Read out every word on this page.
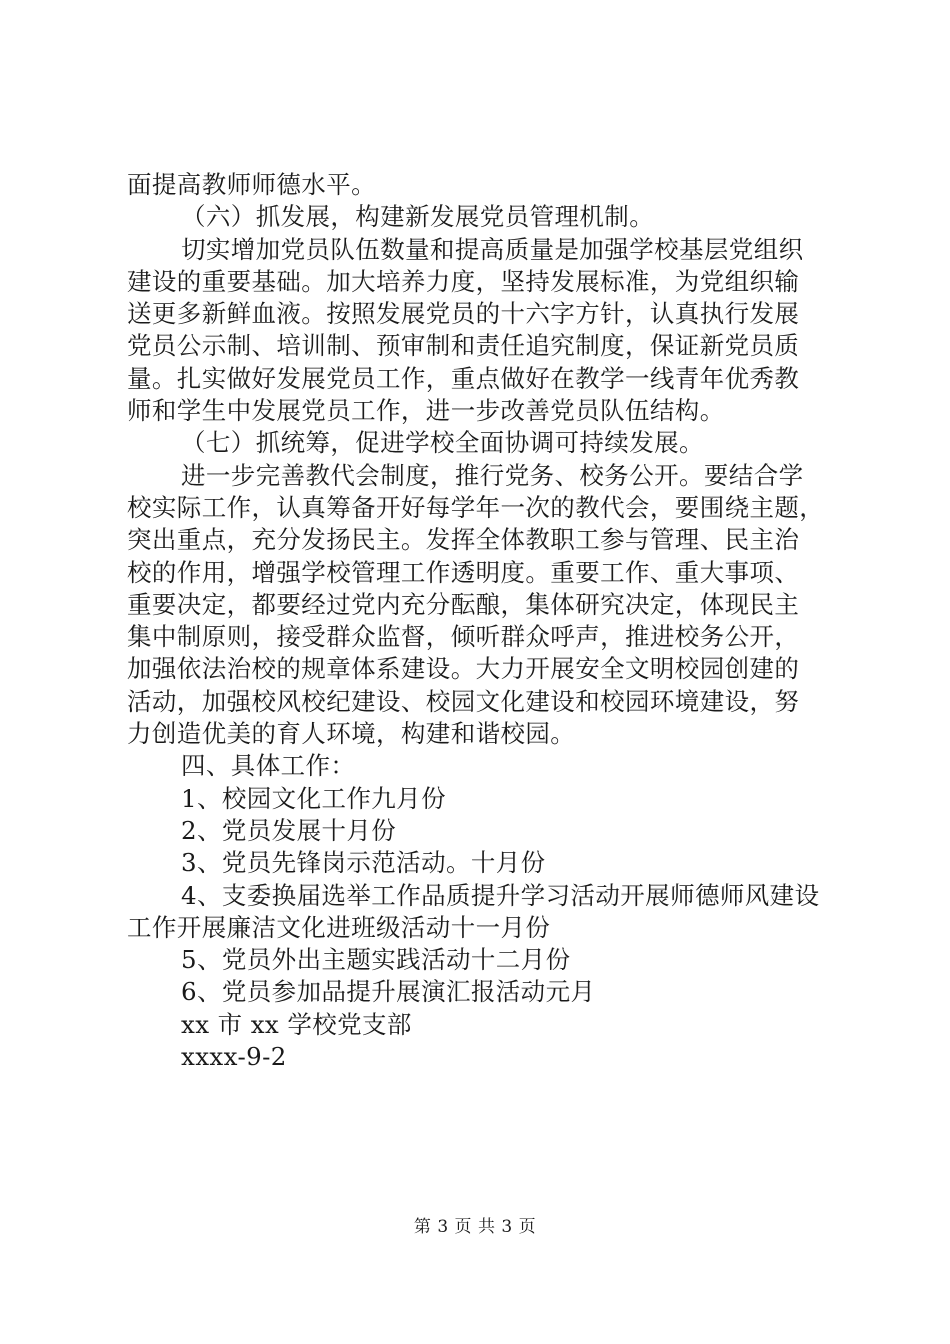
面提高教师师德水平。
（六）抓发展，构建新发展党员管理机制。
切实增加党员队伍数量和提高质量是加强学校基层党组织
建设的重要基础。加大培养力度，坚持发展标准，为党组织输
送更多新鲜血液。按照发展党员的十六字方针，认真执行发展
党员公示制、培训制、预审制和责任追究制度，保证新党员质
量。扎实做好发展党员工作，重点做好在教学一线青年优秀教
师和学生中发展党员工作，进一步改善党员队伍结构。
（七）抓统筹，促进学校全面协调可持续发展。
进一步完善教代会制度，推行党务、校务公开。要结合学
校实际工作，认真筹备开好每学年一次的教代会，要围绕主题，
突出重点，充分发扬民主。发挥全体教职工参与管理、民主治
校的作用，增强学校管理工作透明度。重要工作、重大事项、
重要决定，都要经过党内充分酝酿，集体研究决定，体现民主
集中制原则，接受群众监督，倾听群众呼声，推进校务公开，
加强依法治校的规章体系建设。大力开展安全文明校园创建的
活动，加强校风校纪建设、校园文化建设和校园环境建设，努
力创造优美的育人环境，构建和谐校园。
四、具体工作：
1、校园文化工作九月份
2、党员发展十月份
3、党员先锋岗示范活动。十月份
4、支委换届选举工作品质提升学习活动开展师德师风建设
工作开展廉洁文化进班级活动十一月份
5、党员外出主题实践活动十二月份
6、党员参加品提升展演汇报活动元月
xx 市 xx 学校党支部
xxxx-9-2
第 3 页 共 3 页
